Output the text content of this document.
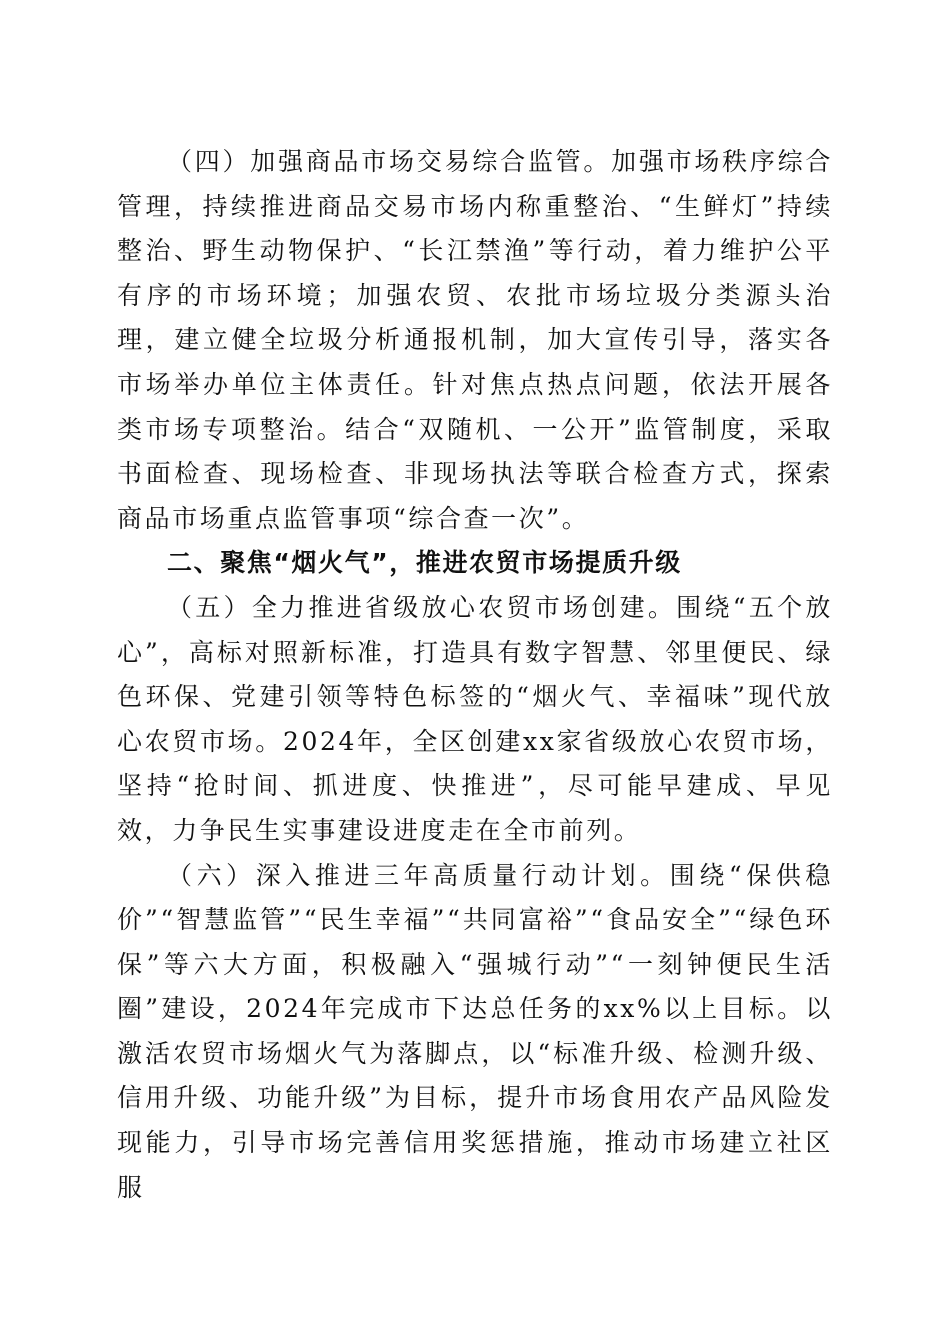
（四）加强商品市场交易综合监管。加强市场秩序综合管理，持续推进商品交易市场内称重整治、“生鲜灯”持续整治、野生动物保护、“长江禁渔”等行动，着力维护公平有序的市场环境；加强农贸、农批市场垃圾分类源头治理，建立健全垃圾分析通报机制，加大宣传引导，落实各市场举办单位主体责任。针对焦点热点问题，依法开展各类市场专项整治。结合“双随机、一公开”监管制度，采取书面检查、现场检查、非现场执法等联合检查方式，探索商品市场重点监管事项“综合查一次”。

二、聚焦“烟火气”，推进农贸市场提质升级

（五）全力推进省级放心农贸市场创建。围绕“五个放心”，高标对照新标准，打造具有数字智慧、邻里便民、绿色环保、党建引领等特色标签的“烟火气、幸福味”现代放心农贸市场。2024年，全区创建xx家省级放心农贸市场，坚持“抢时间、抓进度、快推进”，尽可能早建成、早见效，力争民生实事建设进度走在全市前列。

（六）深入推进三年高质量行动计划。围绕“保供稳价”“智慧监管”“民生幸福”“共同富裕”“食品安全”“绿色环保”等六大方面，积极融入“强城行动”“一刻钟便民生活圈”建设，2024年完成市下达总任务的xx%以上目标。以激活农贸市场烟火气为落脚点，以“标准升级、检测升级、信用升级、功能升级”为目标，提升市场食用农产品风险发现能力，引导市场完善信用奖惩措施，推动市场建立社区服
